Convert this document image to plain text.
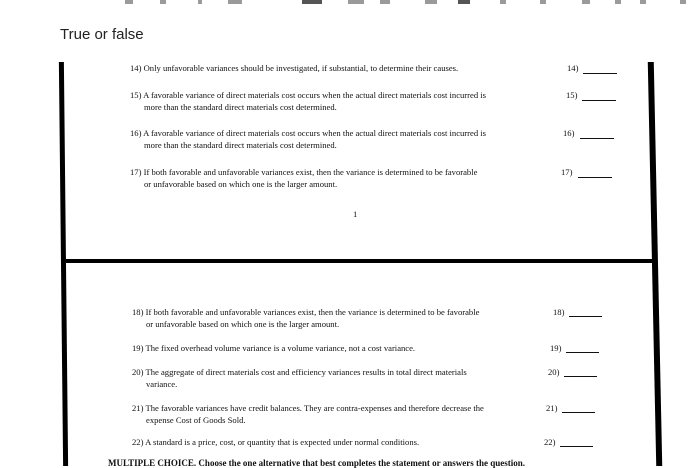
True or false
14) Only unfavorable variances should be investigated, if substantial, to determine their causes.	14)
15) A favorable variance of direct materials cost occurs when the actual direct materials cost incurred is
more than the standard direct materials cost determined.
15)
16) A favorable variance of direct materials cost occurs when the actual direct materials cost incurred is
more than the standard direct materials cost determined.
16)
17) If both favorable and unfavorable variances exist, then the variance is determined to be favorable
or unfavorable based on which one is the larger amount.
17)
1
18) If both favorable and unfavorable variances exist, then the variance is determined to be favorable
or unfavorable based on which one is the larger amount.
18)
19) The fixed overhead volume variance is a volume variance, not a cost variance.	19)
20) The aggregate of direct materials cost and efficiency variances results in total direct materials
variance.
20)
21) The favorable variances have credit balances. They are contra-expenses and therefore decrease the
expense Cost of Goods Sold.
21)
22) A standard is a price, cost, or quantity that is expected under normal conditions.	22)
MULTIPLE CHOICE. Choose the one alternative that best completes the statement or answers the question.
